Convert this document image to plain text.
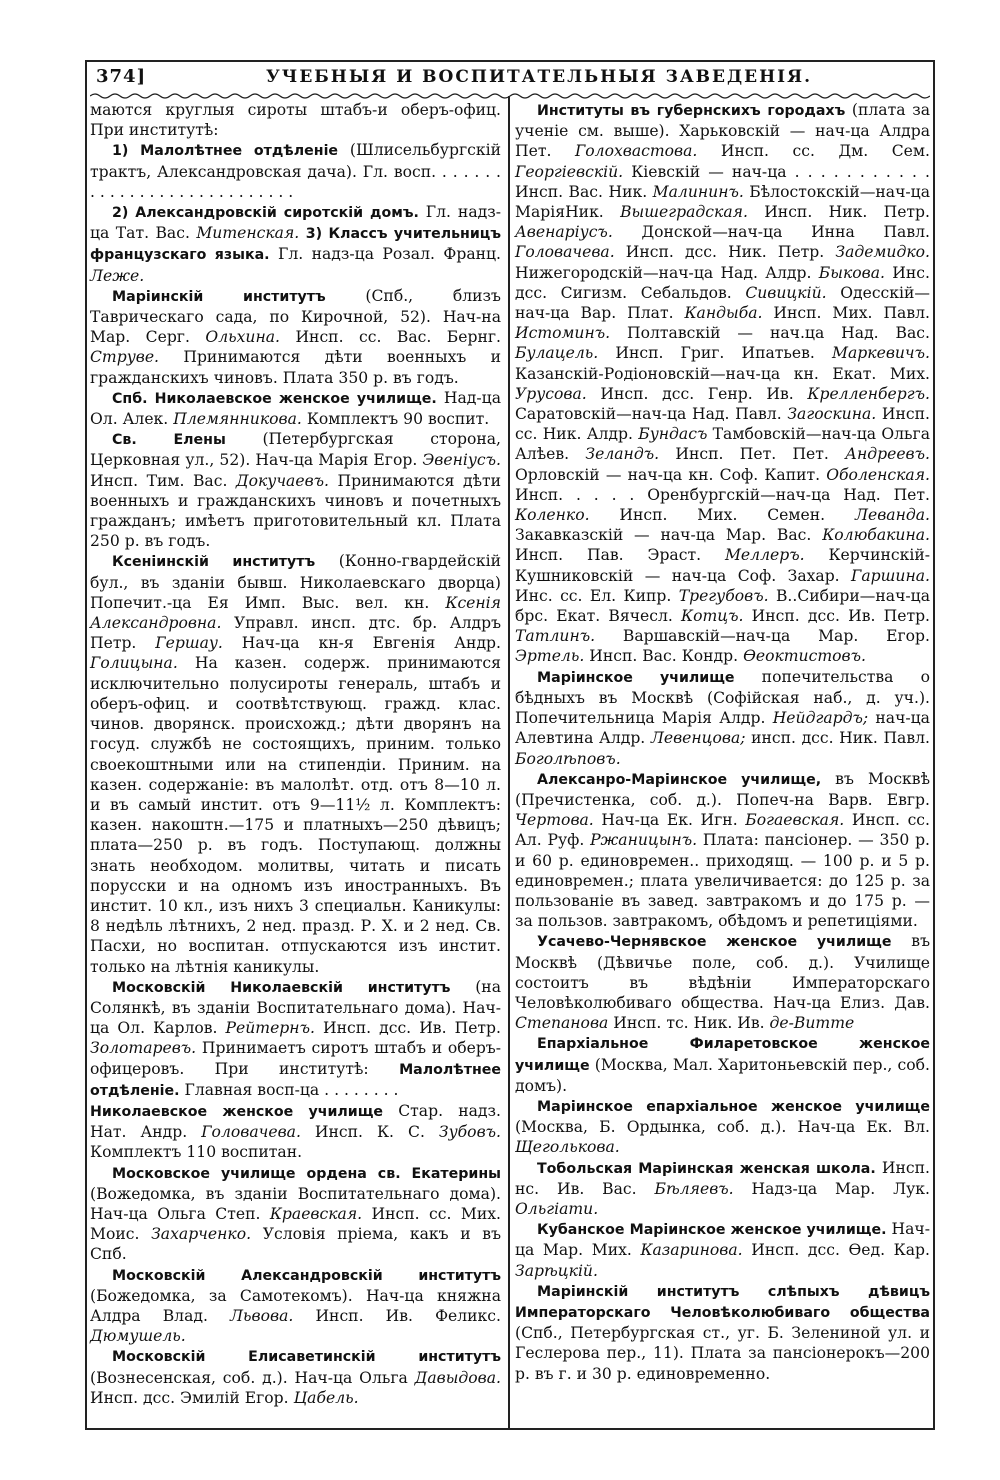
374]	УЧЕБНЫЯ И ВОСПИТАТЕЛЬНЫЯ ЗАВЕДЕНІЯ.

маются круглыя сироты штабъ-и оберъ-офиц. При институтѣ:

1) Малолѣтнее отдѣленіе (Шлисельбургскій трактъ, Александровская дача). Гл. восп. . . . . . . . . . . . . . . . . . . . . . . . . . . .

2) Александровскій сиротскій домъ. Гл. надз-ца Тат. Вас. Митенская. 3) Классъ учительницъ французскаго языка. Гл. надз-ца Розал. Франц. Леже.

Маріинскій институтъ (Спб., близъ Таврическаго сада, по Кирочной, 52). Нач-на Мар. Серг. Ольхина. Инсп. сс. Вас. Бернг. Струве. Принимаются дѣти военныхъ и гражданскихъ чиновъ. Плата 350 р. въ годъ.

Спб. Николаевское женское училище. Над-ца Ол. Алек. Племянникова. Комплектъ 90 воспит.

Св. Елены (Петербургская сторона, Церковная ул., 52). Нач-ца Марія Егор. Эвеніусъ. Инсп. Тим. Вас. Докучаевъ. Принимаются дѣти военныхъ и гражданскихъ чиновъ и почетныхъ гражданъ; имѣетъ приготовительный кл. Плата 250 р. въ годъ.

Ксеніинскій институтъ (Конно-гвардейскій бул., въ зданіи бывш. Николаевскаго дворца) Попечит.-ца Ея Имп. Выс. вел. кн. Ксенія Александровна. Управл. инсп. дтс. бр. Алдръ Петр. Гершау. Нач-ца кн-я Евгенія Андр. Голицына. На казен. содерж. принимаются исключительно полусироты генераль, штабъ и оберъ-офиц. и соотвѣтствующ. гражд. клас. чинов. дворянск. происхожд.; дѣти дворянъ на госуд. службѣ не состоящихъ, приним. только своекоштными или на стипендіи. Приним. на казен. содержаніе: въ малолѣт. отд. отъ 8—10 л. и въ самый инстит. отъ 9—11½ л. Комплектъ: казен. накоштн.—175 и платныхъ—250 дѣвицъ; плата—250 р. въ годъ. Поступающ. должны знать необходом. молитвы, читать и писать порусски и на одномъ изъ иностранныхъ. Въ инстит. 10 кл., изъ нихъ 3 специальн. Каникулы: 8 недѣль лѣтнихъ, 2 нед. празд. Р. Х. и 2 нед. Св. Пасхи, но воспитан. отпускаются изъ инстит. только на лѣтнія каникулы.

Московскій Николаевскій институтъ (на Солянкѣ, въ зданіи Воспитательнаго дома). Нач-ца Ол. Карлов. Рейтернъ. Инсп. дсс. Ив. Петр. Золотаревъ. Принимаетъ сиротъ штабъ и оберъ-офицеровъ. При институтѣ: Малолѣтнее отдѣленіе. Главная восп-ца . . . . . . . .

Николаевское женское училище Стар. надз. Нат. Андр. Головачева. Инсп. К. С. Зубовъ. Комплектъ 110 воспитан.

Московское училище ордена св. Екатерины (Вожедомка, въ зданіи Воспитательнаго дома). Нач-ца Ольга Степ. Краевская. Инсп. сс. Мих. Моис. Захарченко. Условія пріема, какъ и въ Спб.

Московскій Александровскій институтъ (Божедомка, за Самотекомъ). Нач-ца княжна Алдра Влад. Львова. Инсп. Ив. Феликс. Дюмушель.

Московскій Елисаветинскій институтъ (Вознесенская, соб. д.). Нач-ца Ольга Давыдова. Инсп. дсс. Эмилій Егор. Цабель.

Институты въ губернскихъ городахъ (плата за ученіе см. выше). Харьковскій — нач-ца Алдра Пет. Голохвастова. Инсп. сс. Дм. Сем. Георгіевскій. Кіевскій — нач-ца . . . . . . . . . . . Инсп. Вас. Ник. Малининъ. Бѣлостокскій—нач-ца МаріяНик. Вышеградская. Инсп. Ник. Петр. Авенаріусъ. Донской—нач-ца Инна Павл. Головачева. Инсп. дсс. Ник. Петр. Задемидко. Нижегородскій—нач-ца Над. Алдр. Быкова. Инс. дсс. Сигизм. Себальдов. Сивицкій. Одесскій—нач-ца Вар. Плат. Кандыба. Инсп. Мих. Павл. Истоминъ. Полтавскій — нач.ца Над. Вас. Булацель. Инсп. Григ. Ипатьев. Маркевичъ. Казанскій-Родіоновскій—нач-ца кн. Екат. Мих. Урусова. Инсп. дсс. Генр. Ив. Крелленбергъ. Саратовскій—нач-ца Над. Павл. Загоскина. Инсп. сс. Ник. Алдр. Бундасъ Тамбовскій—нач-ца Ольга Алѣев. Зеландъ. Инсп. Пет. Пет. Андреевъ. Орловскій — нач-ца кн. Соф. Капит. Оболенская. Инсп. . . . . Оренбургскій—нач-ца Над. Пет. Коленко. Инсп. Мих. Семен. Леванда. Закавказскій — нач-ца Мар. Вас. Колюбакина. Инсп. Пав. Эраст. Меллеръ. Керчинскій-Кушниковскій — нач-ца Соф. Захар. Гаршина. Инс. сс. Ел. Кипр. Трегубовъ. В..Сибири—нач-ца брс. Екат. Вячесл. Котцъ. Инсп. дсс. Ив. Петр. Татлинъ. Варшавскій—нач-ца Мар. Егор. Эртель. Инсп. Вас. Кондр. Ѳеоктистовъ.

Маріинское училище попечительства о бѣдныхъ въ Москвѣ (Софійская наб., д. уч.). Попечительница Марія Алдр. Нейдгардъ; нач-ца Алевтина Алдр. Левенцова; инсп. дсс. Ник. Павл. Боголѣповъ.

Алексанро-Маріинское училище, въ Москвѣ (Пречистенка, соб. д.). Попеч-на Варв. Евгр. Чертова. Нач-ца Ек. Игн. Богаевская. Инсп. сс. Ал. Руф. Ржаницынъ. Плата: пансіонер. — 350 р. и 60 р. единовремен.. приходящ. — 100 р. и 5 р. единовремен.; плата увеличивается: до 125 р. за пользованіе въ завед. завтракомъ и до 175 р. — за пользов. завтракомъ, обѣдомъ и репетиціями.

Усачево-Чернявское женское училище въ Москвѣ (Дѣвичье поле, соб. д.). Училище состоитъ въ вѣдѣніи Императорскаго Человѣколюбиваго общества. Нач-ца Елиз. Дав. Степанова Инсп. тс. Ник. Ив. де-Витте

Епархіальное Филаретовское женское училище (Москва, Мал. Харитоньевскій пер., соб. домъ).

Маріинское епархіальное женское училище (Москва, Б. Ордынка, соб. д.). Нач-ца Ек. Вл. Щеголькова.

Тобольская Маріинская женская школа. Инсп. нс. Ив. Вас. Бѣляевъ. Надз-ца Мар. Лук. Ольгіати.

Кубанское Маріинское женское училище. Нач-ца Мар. Мих. Казаринова. Инсп. дсс. Ѳед. Кар. Зарѣцкій.

Маріинскій институтъ слѣпыхъ дѣвицъ Императорскаго Человѣколюбиваго общества (Спб., Петербургская ст., уг. Б. Зелениной ул. и Геслерова пер., 11). Плата за пансіонерокъ—200 р. въ г. и 30 р. единовременно.
